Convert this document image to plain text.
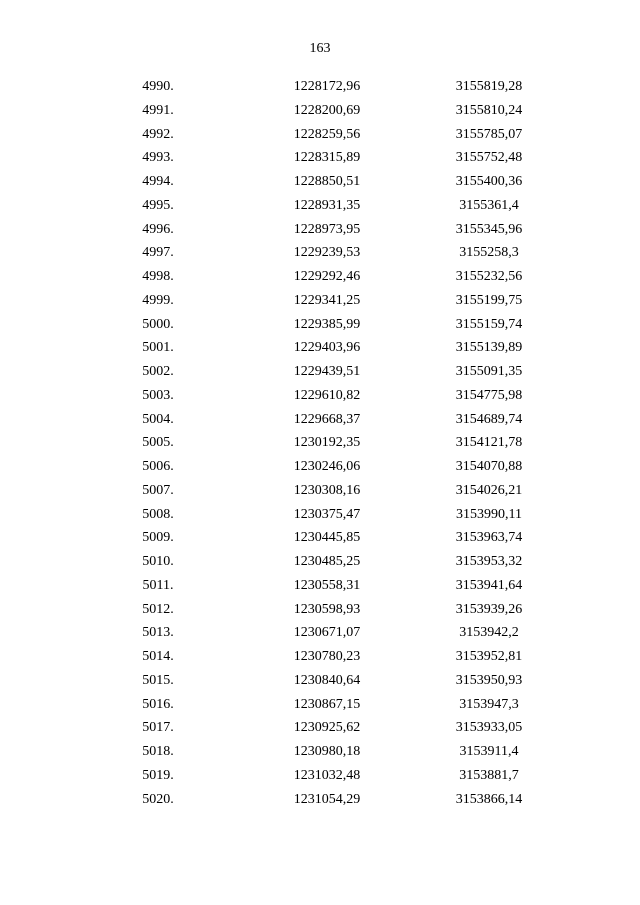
163
4990.	1228172,96	3155819,28
4991.	1228200,69	3155810,24
4992.	1228259,56	3155785,07
4993.	1228315,89	3155752,48
4994.	1228850,51	3155400,36
4995.	1228931,35	3155361,4
4996.	1228973,95	3155345,96
4997.	1229239,53	3155258,3
4998.	1229292,46	3155232,56
4999.	1229341,25	3155199,75
5000.	1229385,99	3155159,74
5001.	1229403,96	3155139,89
5002.	1229439,51	3155091,35
5003.	1229610,82	3154775,98
5004.	1229668,37	3154689,74
5005.	1230192,35	3154121,78
5006.	1230246,06	3154070,88
5007.	1230308,16	3154026,21
5008.	1230375,47	3153990,11
5009.	1230445,85	3153963,74
5010.	1230485,25	3153953,32
5011.	1230558,31	3153941,64
5012.	1230598,93	3153939,26
5013.	1230671,07	3153942,2
5014.	1230780,23	3153952,81
5015.	1230840,64	3153950,93
5016.	1230867,15	3153947,3
5017.	1230925,62	3153933,05
5018.	1230980,18	3153911,4
5019.	1231032,48	3153881,7
5020.	1231054,29	3153866,14
